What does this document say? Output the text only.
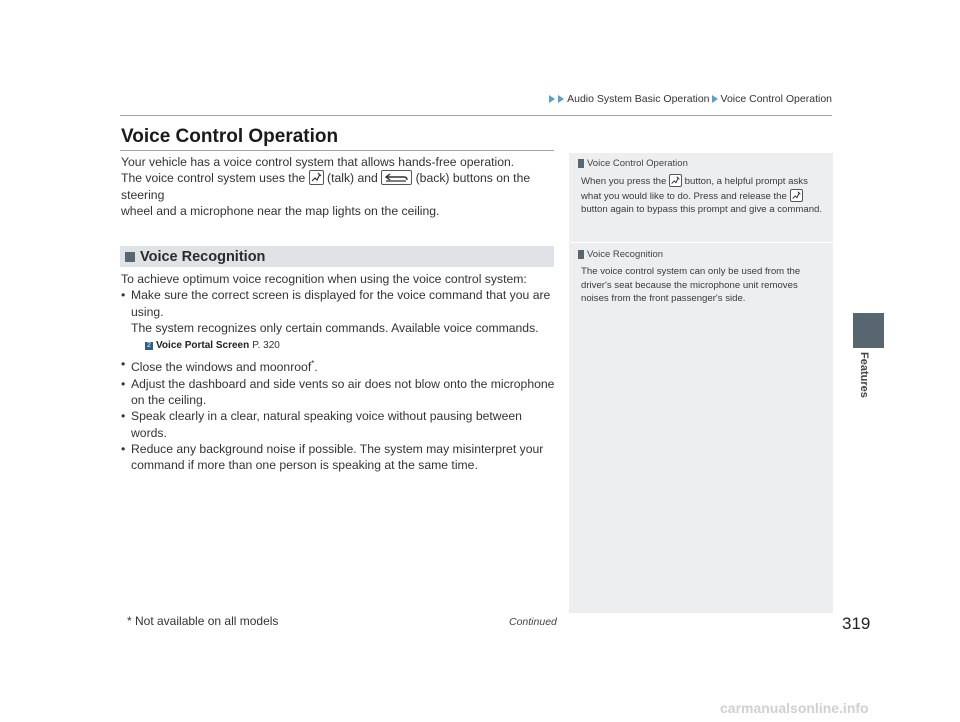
Audio System Basic Operation Voice Control Operation
Voice Control Operation
Your vehicle has a voice control system that allows hands-free operation.
The voice control system uses the (talk) and	(back) buttons on the steering
wheel and a microphone near the map lights on the ceiling.
Voice Recognition

To achieve optimum voice recognition when using the voice control system:

• Make sure the correct screen is displayed for the voice command that you are using.
The system recognizes only certain commands. Available voice commands.
2 Voice Portal Screen P. 320
• Close the windows and moonroof*.
• Adjust the dashboard and side vents so air does not blow onto the microphone on the ceiling.
• Speak clearly in a clear, natural speaking voice without pausing between words.
• Reduce any background noise if possible. The system may misinterpret your command if more than one person is speaking at the same time.
Voice Control Operation
When you press the button, a helpful prompt asks what you would like to do. Press and release the
button again to bypass this prompt and give a command.
Voice Recognition
The voice control system can only be used from the driver's seat because the microphone unit removes noises from the front passenger's side.
Features
* Not available on all models	Continued	319
carmanualsonline.info
